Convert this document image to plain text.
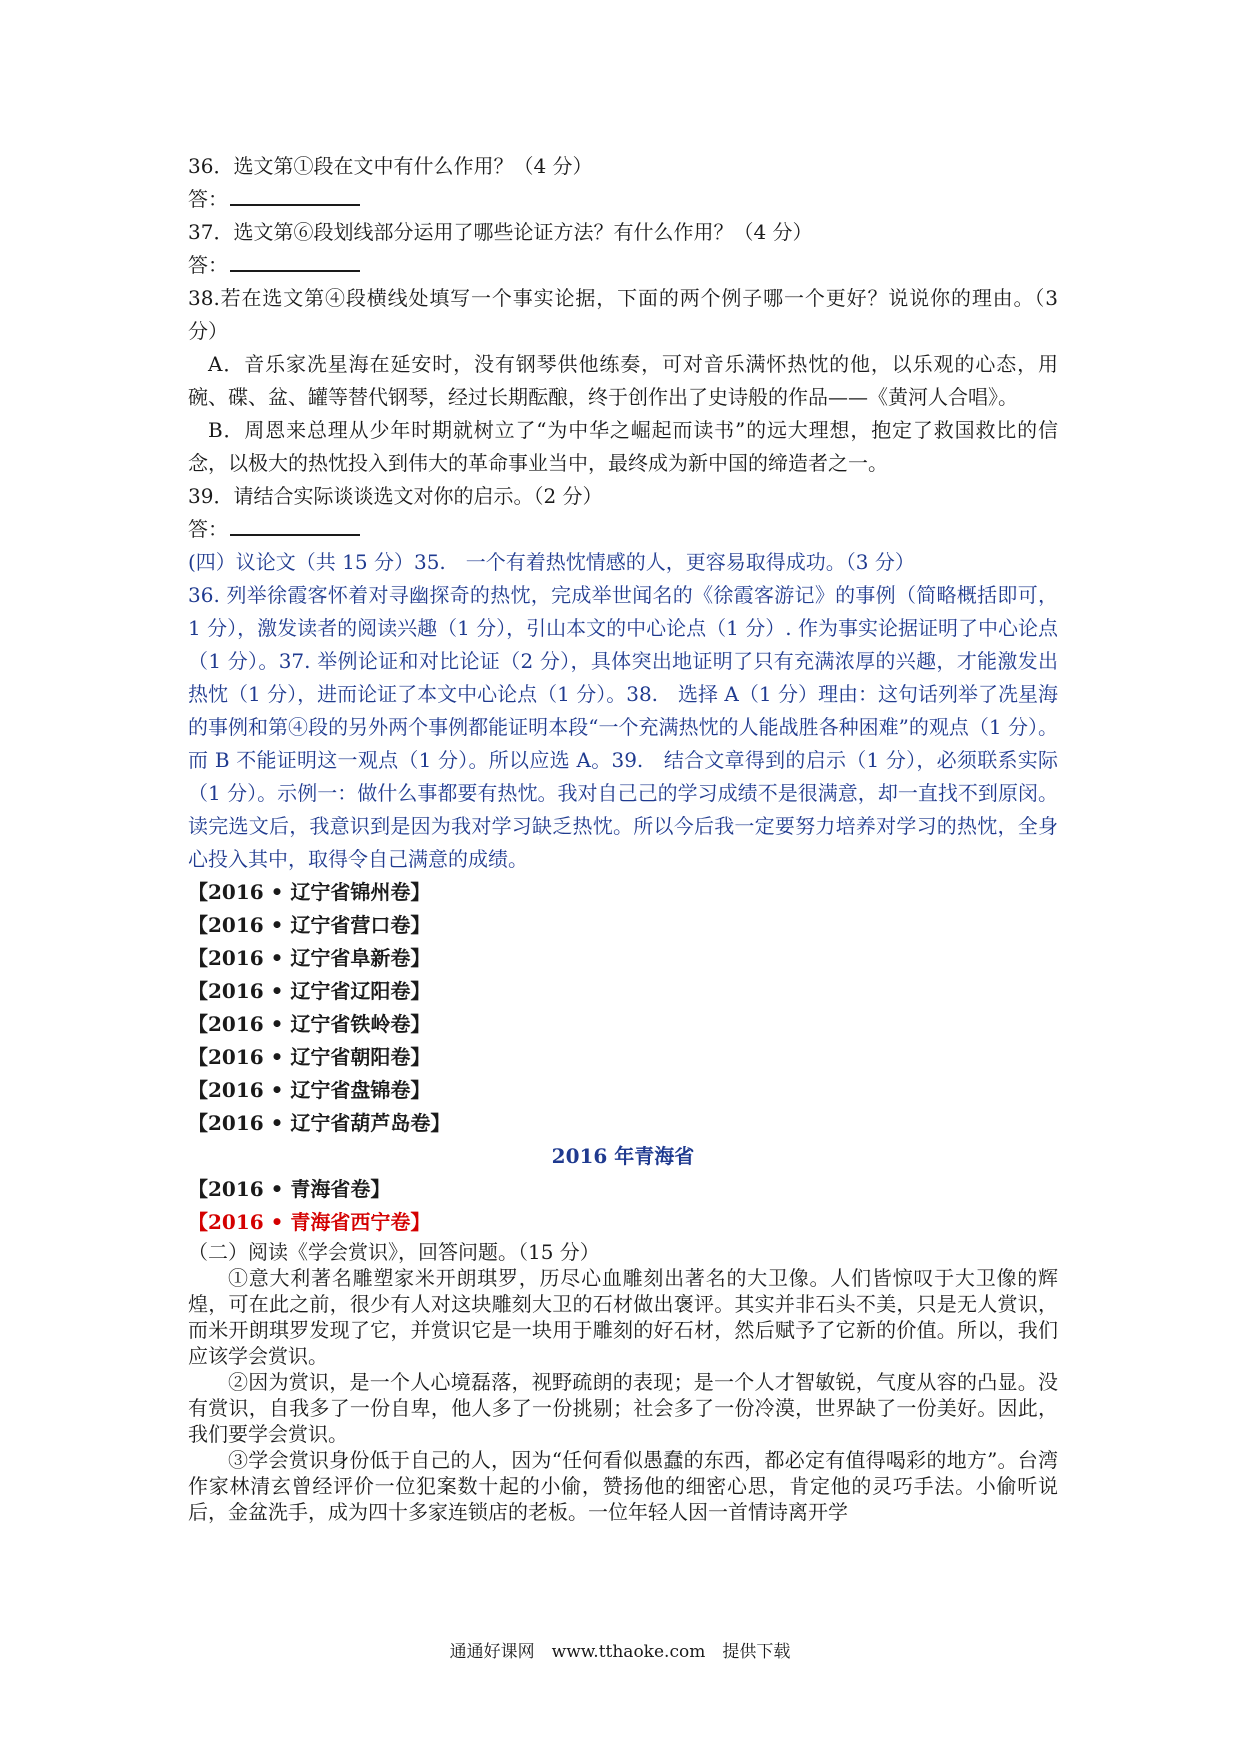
36．选文第①段在文中有什么作用？（4 分）
答：
37．选文第⑥段划线部分运用了哪些论证方法？有什么作用？（4 分）
答：
38.若在选文第④段横线处填写一个事实论据，下面的两个例子哪一个更好？说说你的理由。（3 分）
A．音乐家冼星海在延安时，没有钢琴供他练奏，可对音乐满怀热忱的他，以乐观的心态，用碗、碟、盆、罐等替代钢琴，经过长期酝酿，终于创作出了史诗般的作品——《黄河人合唱》。
B．周恩来总理从少年时期就树立了“为中华之崛起而读书”的远大理想，抱定了救国救比的信念，以极大的热忱投入到伟大的革命事业当中，最终成为新中国的缔造者之一。
39．请结合实际谈谈选文对你的启示。（2 分）
答：
(四）议论文（共 15 分）35.　一个有着热忱情感的人，更容易取得成功。（3 分）
36. 列举徐霞客怀着对寻幽探奇的热忱，完成举世闻名的《徐霞客游记》的事例（简略概括即可，1 分），激发读者的阅读兴趣（1 分），引山本文的中心论点（1 分）. 作为事实论据证明了中心论点（1 分）。37. 举例论证和对比论证（2 分），具体突出地证明了只有充满浓厚的兴趣，才能激发出热忱（1 分），进而论证了本文中心论点（1 分）。38.　选择 A（1 分）理由：这句话列举了冼星海的事例和第④段的另外两个事例都能证明本段“一个充满热忱的人能战胜各种困难”的观点（1 分）。而 B 不能证明这一观点（1 分）。所以应选 A。39.　结合文章得到的启示（1 分），必须联系实际（1 分）。示例一：做什么事都要有热忱。我对自己己的学习成绩不是很满意，却一直找不到原闵。 读完选文后，我意识到是因为我对学习缺乏热忱。所以今后我一定要努力培养对学习的热忱，全身心投入其中，取得令自己满意的成绩。
【2016 • 辽宁省锦州卷】
【2016 • 辽宁省营口卷】
【2016 • 辽宁省阜新卷】
【2016 • 辽宁省辽阳卷】
【2016 • 辽宁省铁岭卷】
【2016 • 辽宁省朝阳卷】
【2016 • 辽宁省盘锦卷】
【2016 • 辽宁省葫芦岛卷】
2016 年青海省
【2016 • 青海省卷】
【2016 • 青海省西宁卷】
（二）阅读《学会赏识》，回答问题。（15 分）
①意大利著名雕塑家米开朗琪罗，历尽心血雕刻出著名的大卫像。人们皆惊叹于大卫像的辉煌，可在此之前，很少有人对这块雕刻大卫的石材做出褒评。其实并非石头不美，只是无人赏识，而米开朗琪罗发现了它，并赏识它是一块用于雕刻的好石材，然后赋予了它新的价值。所以，我们应该学会赏识。
②因为赏识，是一个人心境磊落，视野疏朗的表现；是一个人才智敏锐，气度从容的凸显。没有赏识，自我多了一份自卑，他人多了一份挑剔；社会多了一份冷漠，世界缺了一份美好。因此，我们要学会赏识。
③学会赏识身份低于自己的人，因为“任何看似愚蠢的东西，都必定有值得喝彩的地方”。台湾作家林清玄曾经评价一位犯案数十起的小偷，赞扬他的细密心思，肯定他的灵巧手法。小偷听说后，金盆洗手，成为四十多家连锁店的老板。一位年轻人因一首情诗离开学
通通好课网　www.tthaoke.com　提供下载
